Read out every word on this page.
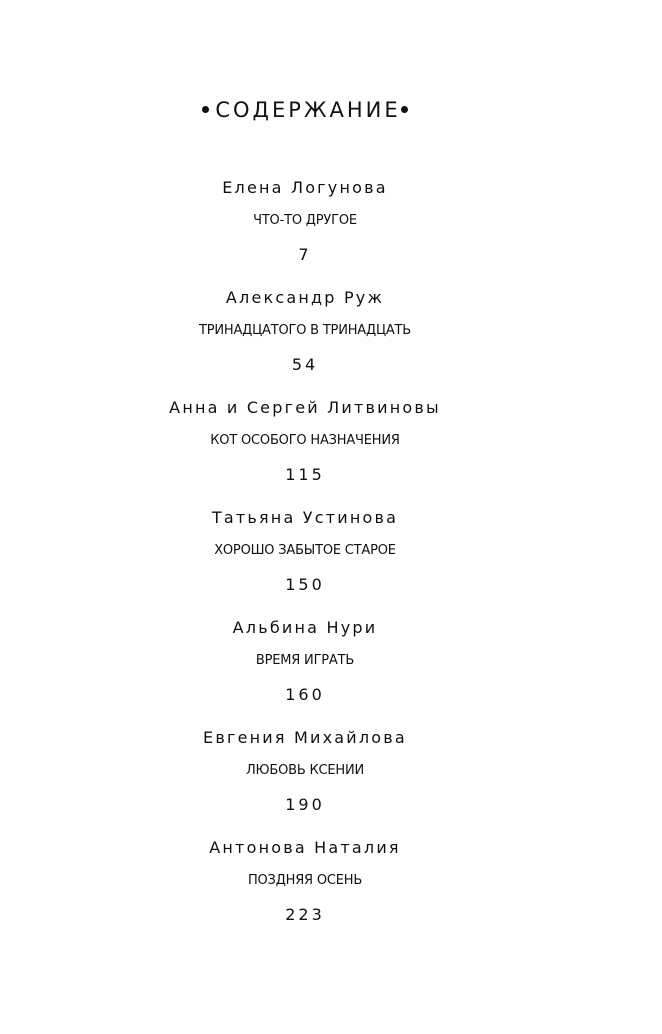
СОДЕРЖАНИЕ
Елена Логунова
ЧТО-ТО ДРУГОЕ
7
Александр Руж
ТРИНАДЦАТОГО В ТРИНАДЦАТЬ
54
Анна и Сергей Литвиновы
КОТ ОСОБОГО НАЗНАЧЕНИЯ
115
Татьяна Устинова
ХОРОШО ЗАБЫТОЕ СТАРОЕ
150
Альбина Нури
ВРЕМЯ ИГРАТЬ
160
Евгения Михайлова
ЛЮБОВЬ КСЕНИИ
190
Антонова Наталия
ПОЗДНЯЯ ОСЕНЬ
223
